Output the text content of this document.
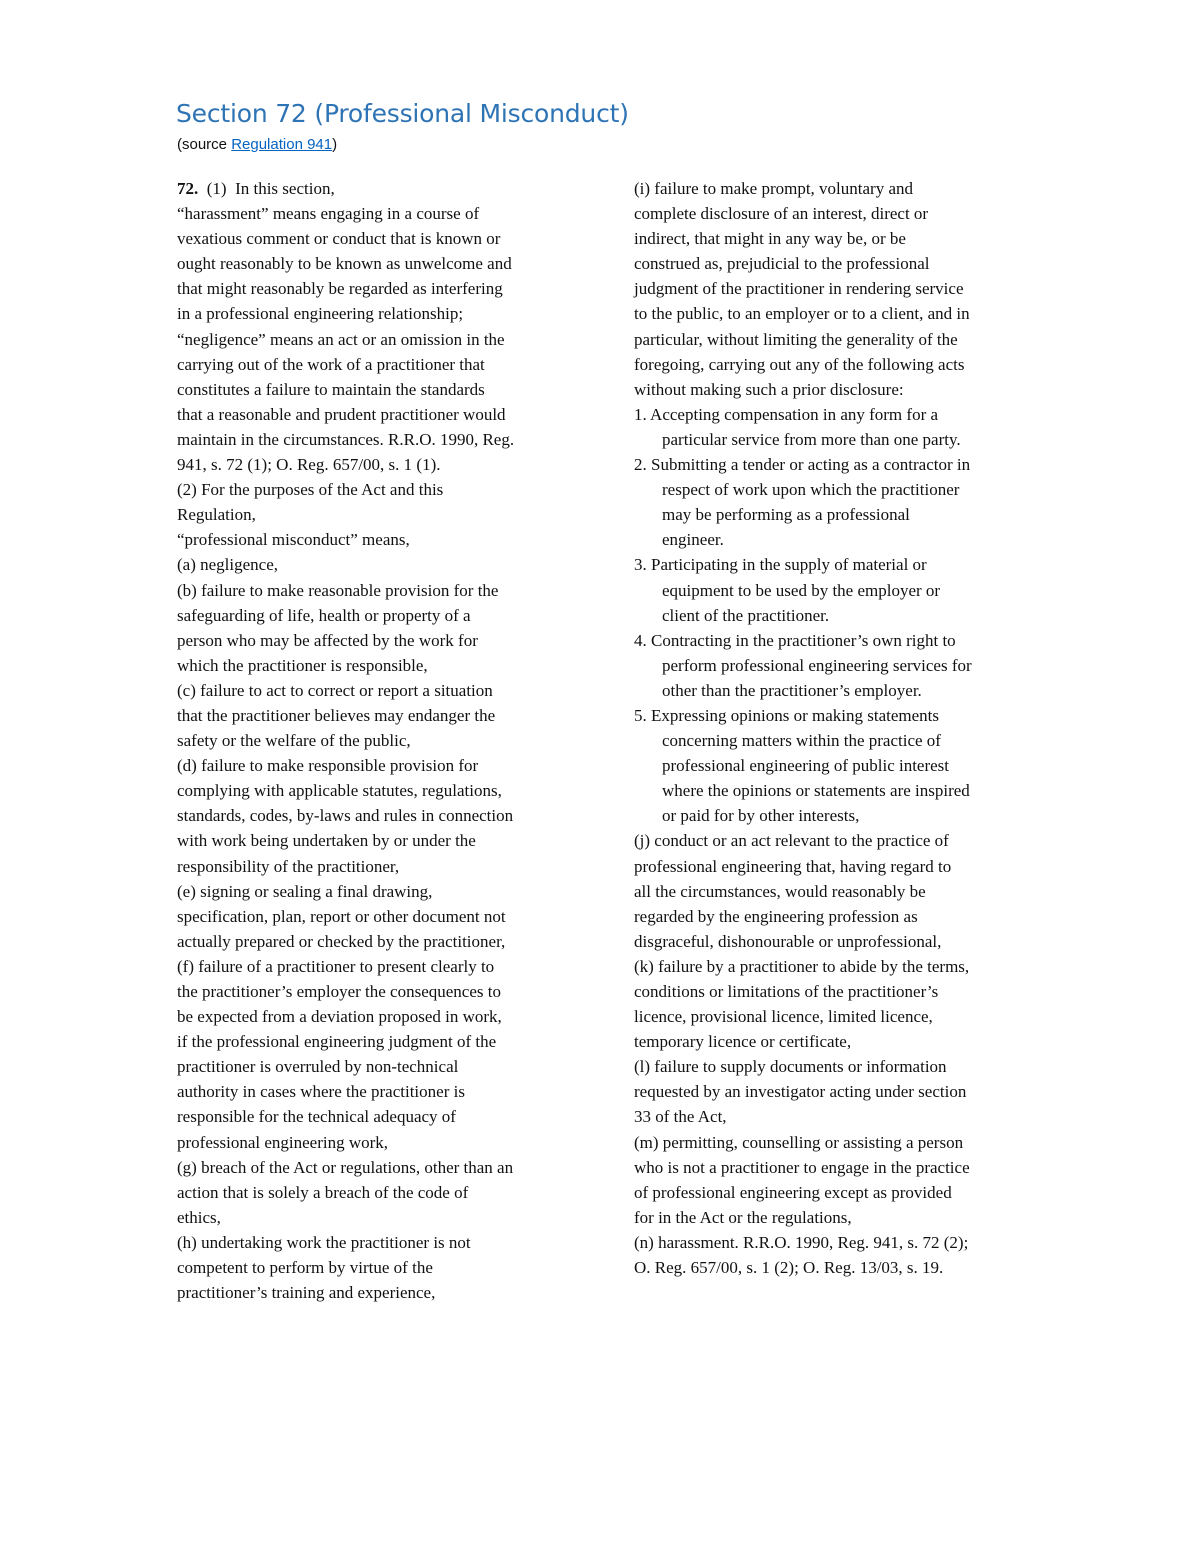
Section 72 (Professional Misconduct)
(source Regulation 941)
72.  (1)  In this section,
“harassment” means engaging in a course of
vexatious comment or conduct that is known or
ought reasonably to be known as unwelcome and
that might reasonably be regarded as interfering
in a professional engineering relationship;
“negligence” means an act or an omission in the
carrying out of the work of a practitioner that
constitutes a failure to maintain the standards
that a reasonable and prudent practitioner would
maintain in the circumstances. R.R.O. 1990, Reg.
941, s. 72 (1); O. Reg. 657/00, s. 1 (1).
(2) For the purposes of the Act and this
Regulation,
“professional misconduct” means,
(a) negligence,
(b) failure to make reasonable provision for the
safeguarding of life, health or property of a
person who may be affected by the work for
which the practitioner is responsible,
(c) failure to act to correct or report a situation
that the practitioner believes may endanger the
safety or the welfare of the public,
(d) failure to make responsible provision for
complying with applicable statutes, regulations,
standards, codes, by-laws and rules in connection
with work being undertaken by or under the
responsibility of the practitioner,
(e) signing or sealing a final drawing,
specification, plan, report or other document not
actually prepared or checked by the practitioner,
(f) failure of a practitioner to present clearly to
the practitioner’s employer the consequences to
be expected from a deviation proposed in work,
if the professional engineering judgment of the
practitioner is overruled by non-technical
authority in cases where the practitioner is
responsible for the technical adequacy of
professional engineering work,
(g) breach of the Act or regulations, other than an
action that is solely a breach of the code of
ethics,
(h) undertaking work the practitioner is not
competent to perform by virtue of the
practitioner’s training and experience,
(i) failure to make prompt, voluntary and
complete disclosure of an interest, direct or
indirect, that might in any way be, or be
construed as, prejudicial to the professional
judgment of the practitioner in rendering service
to the public, to an employer or to a client, and in
particular, without limiting the generality of the
foregoing, carrying out any of the following acts
without making such a prior disclosure:
1. Accepting compensation in any form for a
particular service from more than one party.
2. Submitting a tender or acting as a contractor in
respect of work upon which the practitioner
may be performing as a professional
engineer.
3. Participating in the supply of material or
equipment to be used by the employer or
client of the practitioner.
4. Contracting in the practitioner’s own right to
perform professional engineering services for
other than the practitioner’s employer.
5. Expressing opinions or making statements
concerning matters within the practice of
professional engineering of public interest
where the opinions or statements are inspired
or paid for by other interests,
(j) conduct or an act relevant to the practice of
professional engineering that, having regard to
all the circumstances, would reasonably be
regarded by the engineering profession as
disgraceful, dishonourable or unprofessional,
(k) failure by a practitioner to abide by the terms,
conditions or limitations of the practitioner’s
licence, provisional licence, limited licence,
temporary licence or certificate,
(l) failure to supply documents or information
requested by an investigator acting under section
33 of the Act,
(m) permitting, counselling or assisting a person
who is not a practitioner to engage in the practice
of professional engineering except as provided
for in the Act or the regulations,
(n) harassment. R.R.O. 1990, Reg. 941, s. 72 (2);
O. Reg. 657/00, s. 1 (2); O. Reg. 13/03, s. 19.
